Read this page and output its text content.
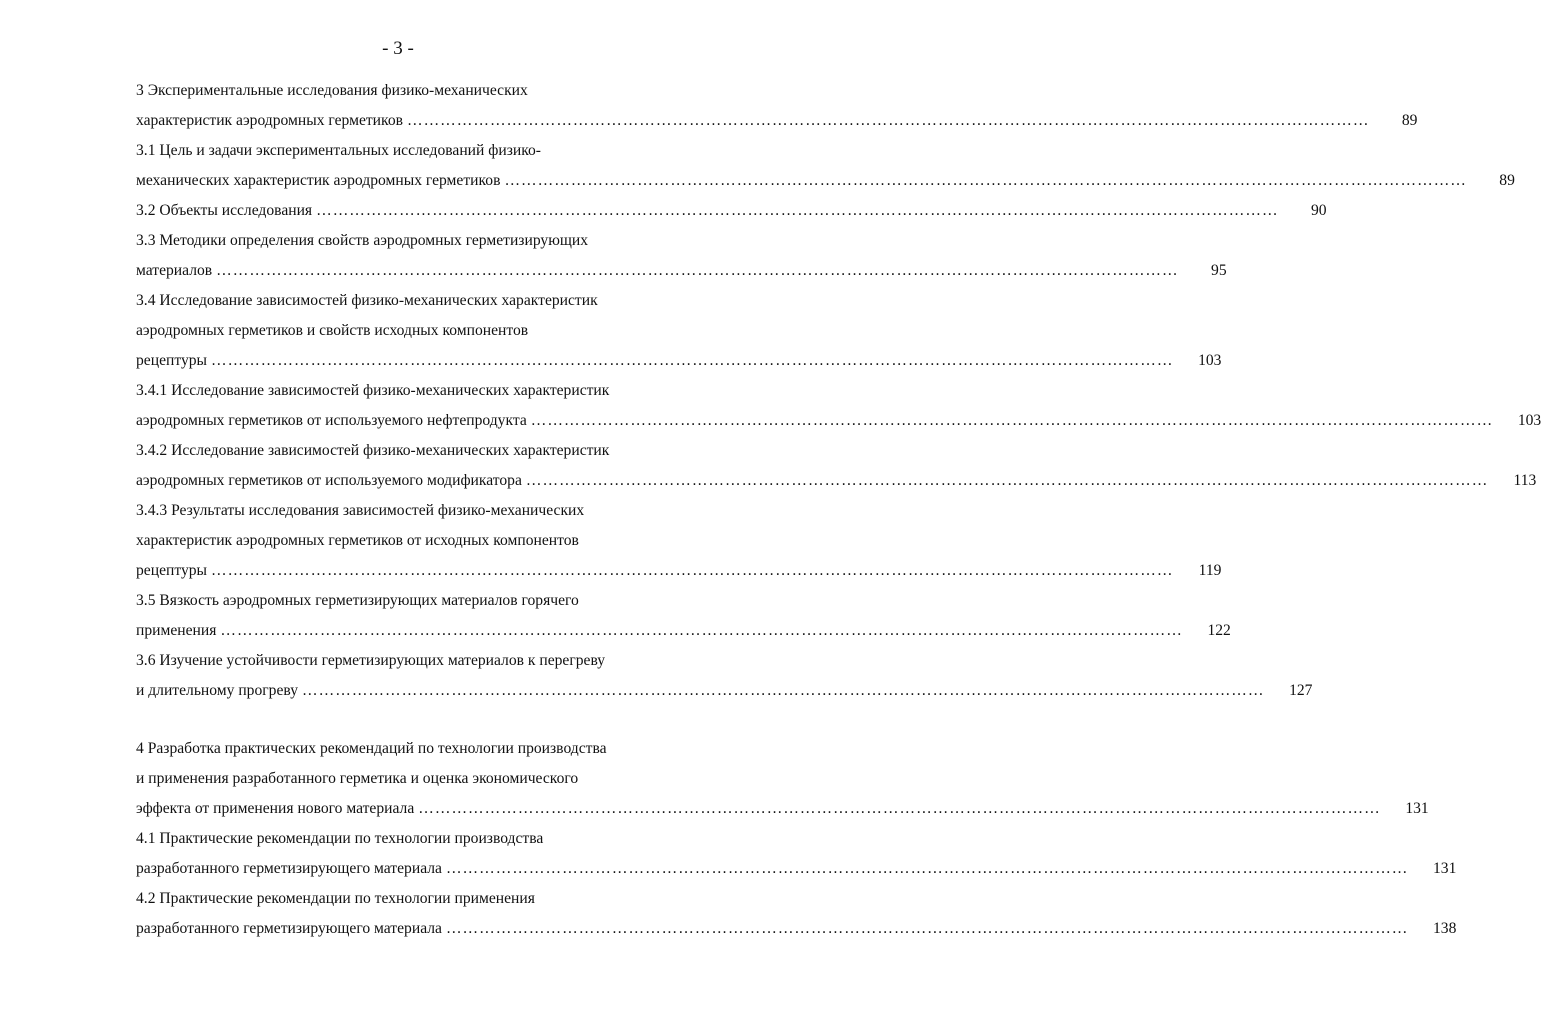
- 3 -
3 Экспериментальные исследования физико-механических
характеристик аэродромных герметиков …………………………………………………………………………………………………………………………………………………………	89
3.1 Цель и задачи экспериментальных исследований физико-
механических характеристик аэродромных герметиков …………………………………………………………………………………………………………………………………………………………	89
3.2 Объекты исследования …………………………………………………………………………………………………………………………………………………………	90
3.3 Методики определения свойств аэродромных герметизирующих
материалов …………………………………………………………………………………………………………………………………………………………	95
3.4 Исследование зависимостей физико-механических характеристик
аэродромных герметиков и свойств исходных компонентов
рецептуры …………………………………………………………………………………………………………………………………………………………	103
3.4.1 Исследование зависимостей физико-механических характеристик
аэродромных герметиков от используемого нефтепродукта …………………………………………………………………………………………………………………………………………………………	103
3.4.2 Исследование зависимостей физико-механических характеристик
аэродромных герметиков от используемого модификатора …………………………………………………………………………………………………………………………………………………………	113
3.4.3 Результаты исследования зависимостей физико-механических
характеристик аэродромных герметиков от исходных компонентов
рецептуры …………………………………………………………………………………………………………………………………………………………	119
3.5 Вязкость аэродромных герметизирующих материалов горячего
применения …………………………………………………………………………………………………………………………………………………………	122
3.6 Изучение устойчивости герметизирующих материалов к перегреву
и длительному прогреву …………………………………………………………………………………………………………………………………………………………	127
4 Разработка практических рекомендаций по технологии производства
и применения разработанного герметика и оценка экономического
эффекта от применения нового материала …………………………………………………………………………………………………………………………………………………………	131
4.1 Практические рекомендации по технологии производства
разработанного герметизирующего материала …………………………………………………………………………………………………………………………………………………………	131
4.2 Практические рекомендации по технологии применения
разработанного герметизирующего материала …………………………………………………………………………………………………………………………………………………………	138
